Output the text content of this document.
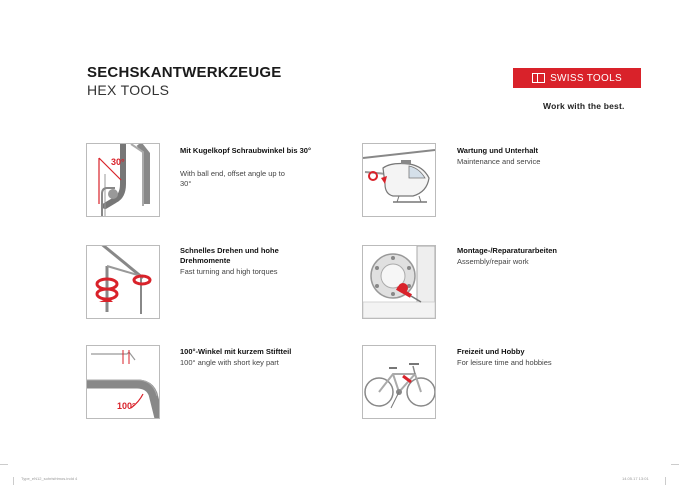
SECHSKANTWERKZEUGE
HEX TOOLS
SWISS TOOLS
Work with the best.
30°
Mit Kugelkopf Schraubwinkel bis 30°
With ball end, offset angle up to 30°
Schnelles Drehen und hohe Drehmomente
Fast turning and high torques
100°
100°-Winkel mit kurzem Stiftteil
100° angle with short key part
Wartung und Unterhalt
Maintenance and service
Montage-/Reparaturarbeiten
Assembly/repair work
Freizeit und Hobby
For leisure time and hobbies
Type_eN12_sohrisfrimos.indd 4	14.05.17 13:01
